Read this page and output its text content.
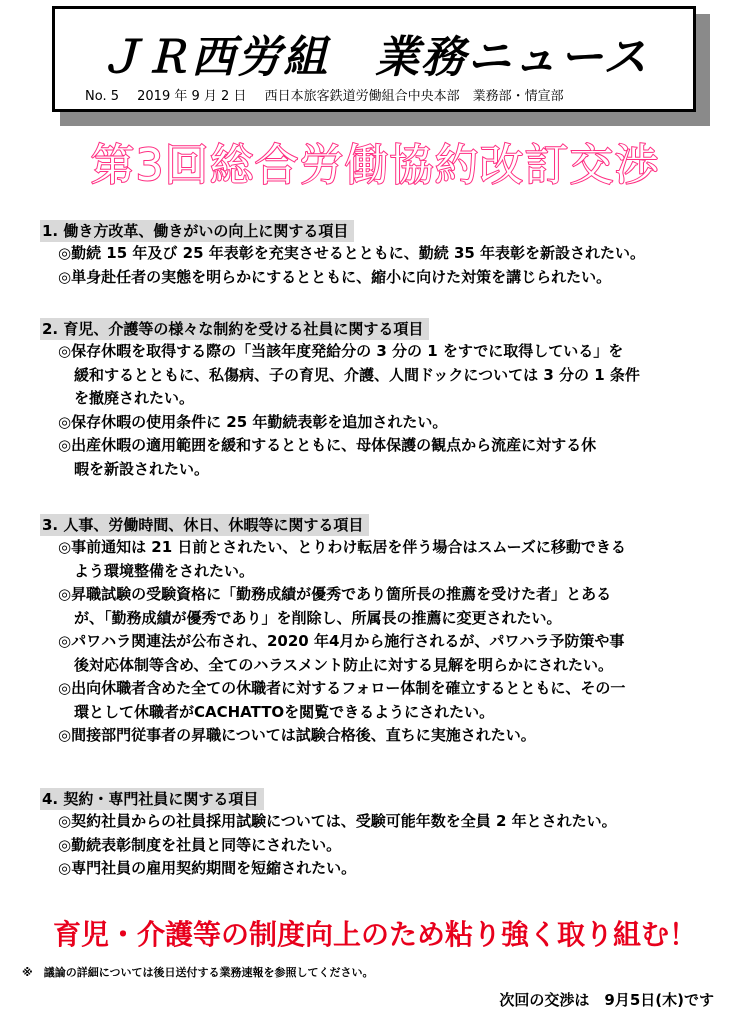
ＪＲ西労組　業務ニュース
No. 5 2019 年 9 月 2 日 西日本旅客鉄道労働組合中央本部　業務部・情宣部
第3回総合労働協約改訂交渉
1. 働き方改革、働きがいの向上に関する項目
◎勤続 15 年及び 25 年表彰を充実させるとともに、勤続 35 年表彰を新設されたい。
◎単身赴任者の実態を明らかにするとともに、縮小に向けた対策を講じられたい。
2. 育児、介護等の様々な制約を受ける社員に関する項目
◎保存休暇を取得する際の「当該年度発給分の 3 分の 1 をすでに取得している」を
緩和するとともに、私傷病、子の育児、介護、人間ドックについては 3 分の 1 条件
を撤廃されたい。
◎保存休暇の使用条件に 25 年勤続表彰を追加されたい。
◎出産休暇の適用範囲を緩和するとともに、母体保護の観点から流産に対する休
暇を新設されたい。
3. 人事、労働時間、休日、休暇等に関する項目
◎事前通知は 21 日前とされたい、とりわけ転居を伴う場合はスムーズに移動できる
よう環境整備をされたい。
◎昇職試験の受験資格に「勤務成績が優秀であり箇所長の推薦を受けた者」とある
が、「勤務成績が優秀であり」を削除し、所属長の推薦に変更されたい。
◎パワハラ関連法が公布され、2020 年4月から施行されるが、パワハラ予防策や事
後対応体制等含め、全てのハラスメント防止に対する見解を明らかにされたい。
◎出向休職者含めた全ての休職者に対するフォロー体制を確立するとともに、その一
環として休職者がCACHATTOを閲覧できるようにされたい。
◎間接部門従事者の昇職については試験合格後、直ちに実施されたい。
4. 契約・専門社員に関する項目
◎契約社員からの社員採用試験については、受験可能年数を全員 2 年とされたい。
◎勤続表彰制度を社員と同等にされたい。
◎専門社員の雇用契約期間を短縮されたい。
育児・介護等の制度向上のため粘り強く取り組む！
※　議論の詳細については後日送付する業務速報を参照してください。
次回の交渉は　9月5日(木)です
